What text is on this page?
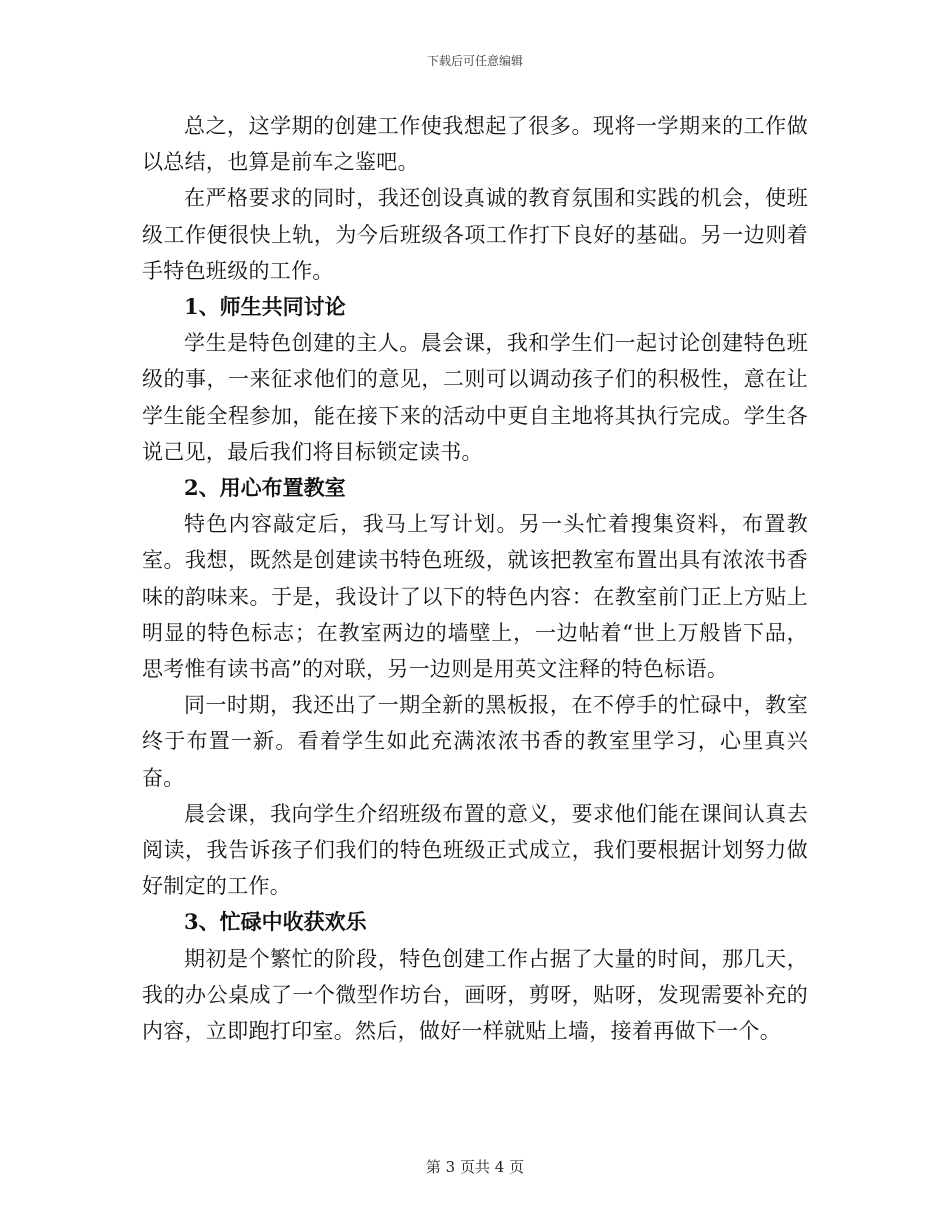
下载后可任意编辑

总之，这学期的创建工作使我想起了很多。现将一学期来的工作做以总结，也算是前车之鉴吧。

在严格要求的同时，我还创设真诚的教育氛围和实践的机会，使班级工作便很快上轨，为今后班级各项工作打下良好的基础。另一边则着手特色班级的工作。

1、师生共同讨论

学生是特色创建的主人。晨会课，我和学生们一起讨论创建特色班级的事，一来征求他们的意见，二则可以调动孩子们的积极性，意在让学生能全程参加，能在接下来的活动中更自主地将其执行完成。学生各说己见，最后我们将目标锁定读书。

2、用心布置教室

特色内容敲定后，我马上写计划。另一头忙着搜集资料，布置教室。我想，既然是创建读书特色班级，就该把教室布置出具有浓浓书香味的韵味来。于是，我设计了以下的特色内容：在教室前门正上方贴上明显的特色标志；在教室两边的墙壁上，一边帖着“世上万般皆下品，思考惟有读书高”的对联，另一边则是用英文注释的特色标语。

同一时期，我还出了一期全新的黑板报，在不停手的忙碌中，教室终于布置一新。看着学生如此充满浓浓书香的教室里学习，心里真兴奋。

晨会课，我向学生介绍班级布置的意义，要求他们能在课间认真去阅读，我告诉孩子们我们的特色班级正式成立，我们要根据计划努力做好制定的工作。

3、忙碌中收获欢乐

期初是个繁忙的阶段，特色创建工作占据了大量的时间，那几天，我的办公桌成了一个微型作坊台，画呀，剪呀，贴呀，发现需要补充的内容，立即跑打印室。然后，做好一样就贴上墙，接着再做下一个。

第 3 页共 4 页
